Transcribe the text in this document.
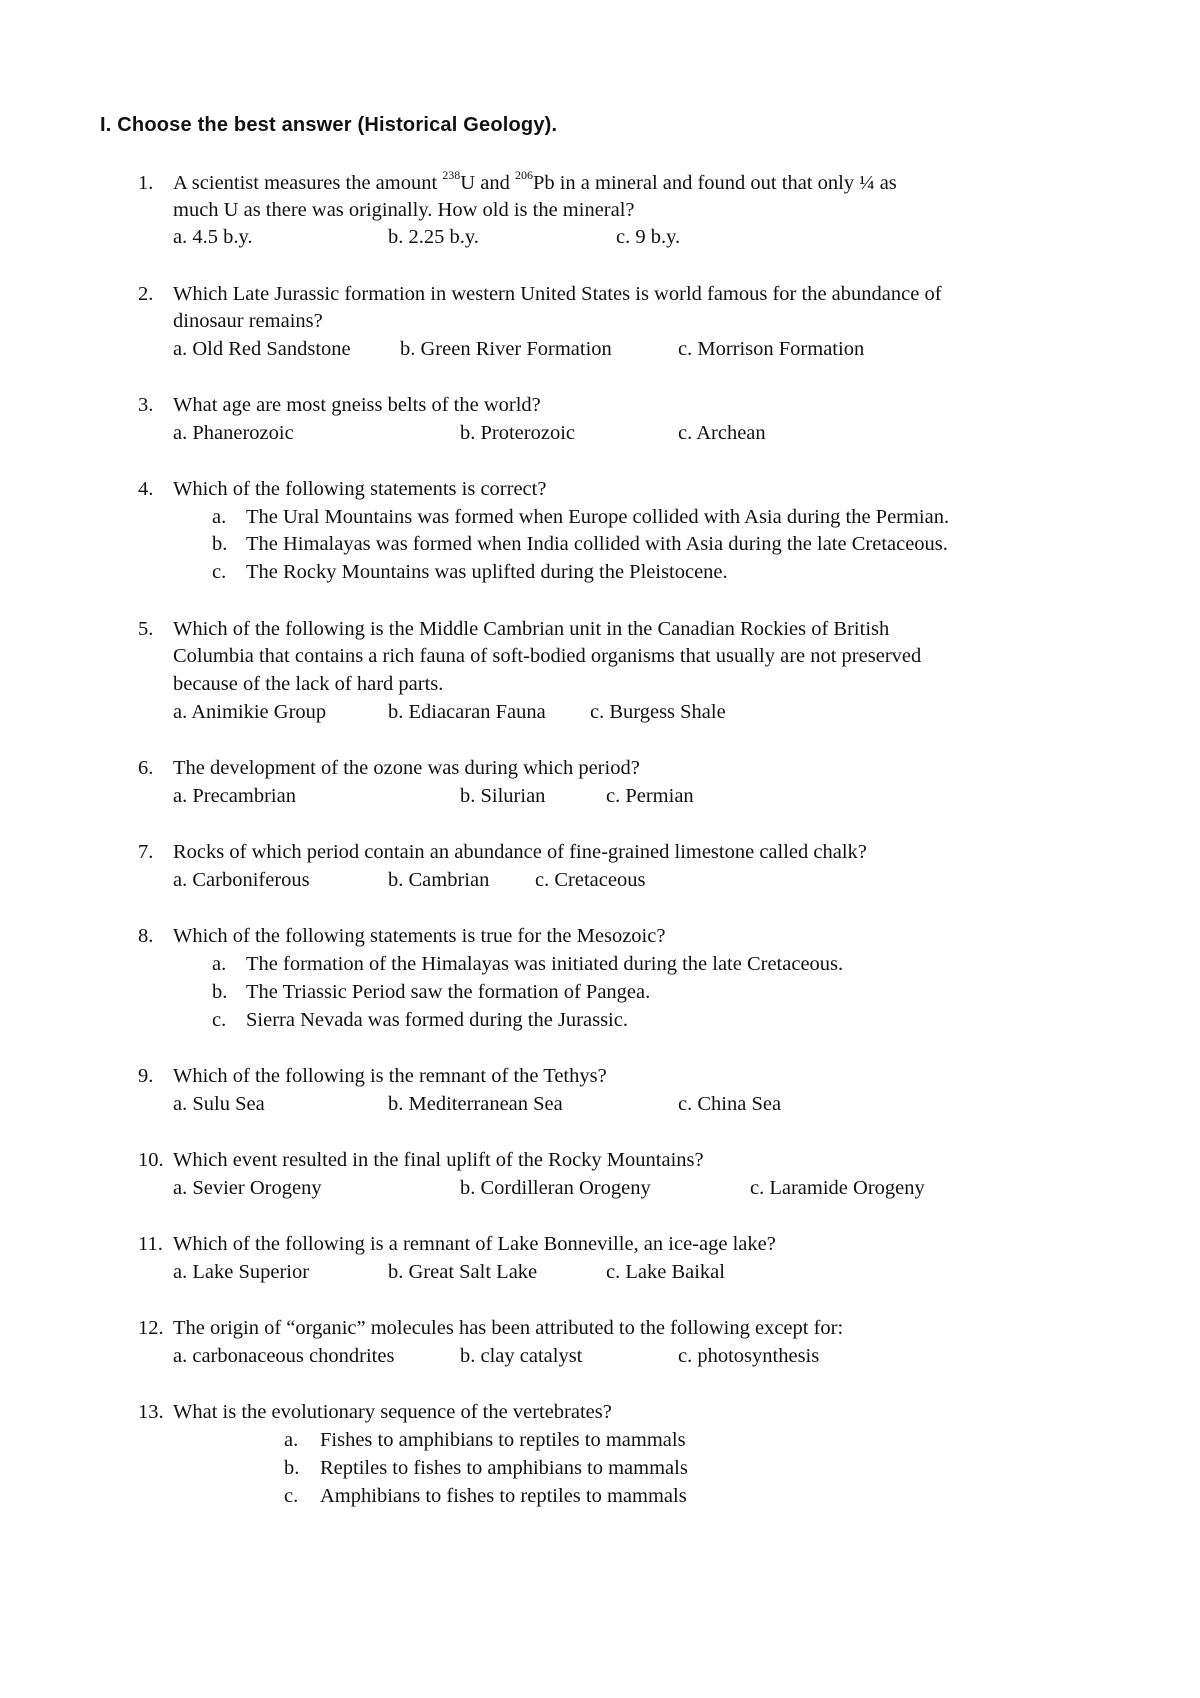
I. Choose the best answer (Historical Geology).
1. A scientist measures the amount $^{238}$U and $^{206}$Pb in a mineral and found out that only ¼ as
much U as there was originally. How old is the mineral?
a. 4.5 b.y.	b. 2.25 b.y.	c. 9 b.y.
2. Which Late Jurassic formation in western United States is world famous for the abundance of
dinosaur remains?
a. Old Red Sandstone b. Green River Formation	c. Morrison Formation
3. What age are most gneiss belts of the world?
a. Phanerozoic	b. Proterozoic	c. Archean
4. Which of the following statements is correct?
a. The Ural Mountains was formed when Europe collided with Asia during the Permian.
b. The Himalayas was formed when India collided with Asia during the late Cretaceous.
c. The Rocky Mountains was uplifted during the Pleistocene.
5. Which of the following is the Middle Cambrian unit in the Canadian Rockies of British
Columbia that contains a rich fauna of soft-bodied organisms that usually are not preserved
because of the lack of hard parts.
a. Animikie Group	b. Ediacaran Fauna c. Burgess Shale
6. The development of the ozone was during which period?
a. Precambrian	b. Silurian	c. Permian
7. Rocks of which period contain an abundance of fine-grained limestone called chalk?
a. Carboniferous	b. Cambrian c. Cretaceous
8. Which of the following statements is true for the Mesozoic?
a. The formation of the Himalayas was initiated during the late Cretaceous.
b. The Triassic Period saw the formation of Pangea.
c. Sierra Nevada was formed during the Jurassic.
9. Which of the following is the remnant of the Tethys?
a. Sulu Sea	b. Mediterranean Sea	c. China Sea
10. Which event resulted in the final uplift of the Rocky Mountains?
a. Sevier Orogeny	b. Cordilleran Orogeny	c. Laramide Orogeny
11. Which of the following is a remnant of Lake Bonneville, an ice-age lake?
a. Lake Superior	b. Great Salt Lake	c. Lake Baikal
12. The origin of “organic” molecules has been attributed to the following except for:
a. carbonaceous chondrites	b. clay catalyst	c. photosynthesis
13. What is the evolutionary sequence of the vertebrates?
a. Fishes to amphibians to reptiles to mammals
b. Reptiles to fishes to amphibians to mammals
c. Amphibians to fishes to reptiles to mammals
